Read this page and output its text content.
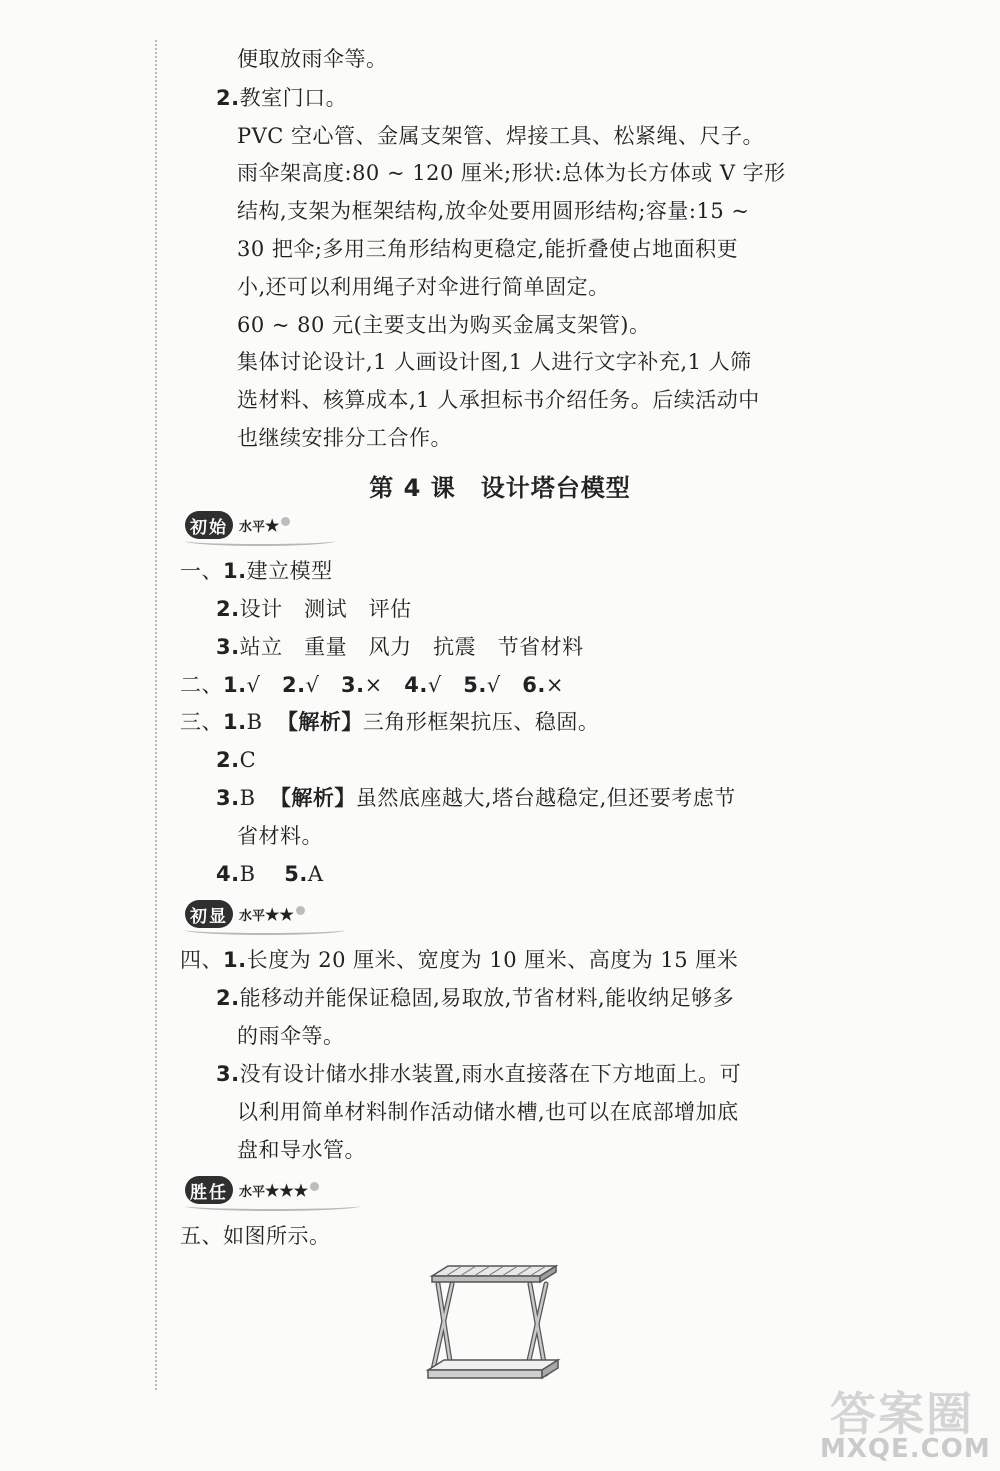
便取放雨伞等。
2.教室门口。
PVC 空心管、金属支架管、焊接工具、松紧绳、尺子。
雨伞架高度:80 ~ 120 厘米;形状:总体为长方体或 V 字形
结构,支架为框架结构,放伞处要用圆形结构;容量:15 ~
30 把伞;多用三角形结构更稳定,能折叠使占地面积更
小,还可以利用绳子对伞进行简单固定。
60 ~ 80 元(主要支出为购买金属支架管)。
集体讨论设计,1 人画设计图,1 人进行文字补充,1 人筛
选材料、核算成本,1 人承担标书介绍任务。后续活动中
也继续安排分工合作。
第 4 课　设计塔台模型
初始 水平 ★
一、1.建立模型
2.设计　测试　评估
3.站立　重量　风力　抗震　节省材料
二、1.√ 2.√ 3.× 4.√ 5.√ 6.×
三、1.B 【解析】三角形框架抗压、稳固。
2.C
3.B 【解析】虽然底座越大,塔台越稳定,但还要考虑节
省材料。
4.B 5.A
初显 水平 ★★
四、1.长度为 20 厘米、宽度为 10 厘米、高度为 15 厘米
2.能移动并能保证稳固,易取放,节省材料,能收纳足够多
的雨伞等。
3.没有设计储水排水装置,雨水直接落在下方地面上。可
以利用简单材料制作活动储水槽,也可以在底部增加底
盘和导水管。
胜任 水平 ★★★
五、如图所示。
答案圈
MXQE.COM
